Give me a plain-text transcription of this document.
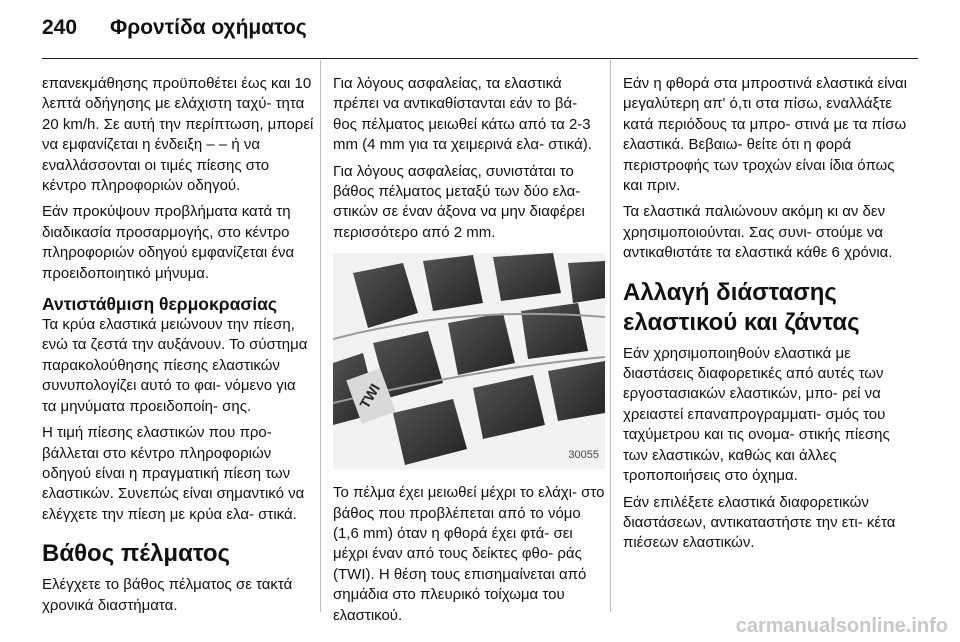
240 Φροντίδα οχήματος

επανεκμάθησης προϋποθέτει έως και 10 λεπτά οδήγησης με ελάχιστη ταχύ- τητα 20 km/h. Σε αυτή την περίπτωση, μπορεί να εμφανίζεται η ένδειξη – – ή να εναλλάσσονται οι τιμές πίεσης στο κέντρο πληροφοριών οδηγού.

Εάν προκύψουν προβλήματα κατά τη διαδικασία προσαρμογής, στο κέντρο πληροφοριών οδηγού εμφανίζεται ένα προειδοποιητικό μήνυμα.

Αντιστάθμιση θερμοκρασίας

Τα κρύα ελαστικά μειώνουν την πίεση, ενώ τα ζεστά την αυξάνουν. Το σύστημα παρακολούθησης πίεσης ελαστικών συνυπολογίζει αυτό το φαι- νόμενο για τα μηνύματα προειδοποίη- σης.

Η τιμή πίεσης ελαστικών που προ- βάλλεται στο κέντρο πληροφοριών οδηγού είναι η πραγματική πίεση των ελαστικών. Συνεπώς είναι σημαντικό να ελέγχετε την πίεση με κρύα ελα- στικά.

Βάθος πέλματος

Ελέγχετε το βάθος πέλματος σε τακτά χρονικά διαστήματα.

Για λόγους ασφαλείας, τα ελαστικά πρέπει να αντικαθίστανται εάν το βά- θος πέλματος μειωθεί κάτω από τα 2-3 mm (4 mm για τα χειμερινά ελα- στικά).

Για λόγους ασφαλείας, συνιστάται το βάθος πέλματος μεταξύ των δύο ελα- στικών σε έναν άξονα να μην διαφέρει περισσότερο από 2 mm.

TWI
30055

Το πέλμα έχει μειωθεί μέχρι το ελάχι- στο βάθος που προβλέπεται από το νόμο (1,6 mm) όταν η φθορά έχει φτά- σει μέχρι έναν από τους δείκτες φθο- ράς (TWI). Η θέση τους επισημαίνεται από σημάδια στο πλευρικό τοίχωμα του ελαστικού.

Εάν η φθορά στα μπροστινά ελαστικά είναι μεγαλύτερη απ' ό,τι στα πίσω, εναλλάξτε κατά περιόδους τα μπρο- στινά με τα πίσω ελαστικά. Βεβαιω- θείτε ότι η φορά περιστροφής των τροχών είναι ίδια όπως και πριν.

Τα ελαστικά παλιώνουν ακόμη κι αν δεν χρησιμοποιούνται. Σας συνι- στούμε να αντικαθιστάτε τα ελαστικά κάθε 6 χρόνια.

Αλλαγή διάστασης ελαστικού και ζάντας

Εάν χρησιμοποιηθούν ελαστικά με διαστάσεις διαφορετικές από αυτές των εργοστασιακών ελαστικών, μπο- ρεί να χρειαστεί επαναπρογραμματι- σμός του ταχύμετρου και τις ονομα- στικής πίεσης των ελαστικών, καθώς και άλλες τροποποιήσεις στο όχημα.

Εάν επιλέξετε ελαστικά διαφορετικών διαστάσεων, αντικαταστήστε την ετι- κέτα πιέσεων ελαστικών.

carmanualsonline.info
